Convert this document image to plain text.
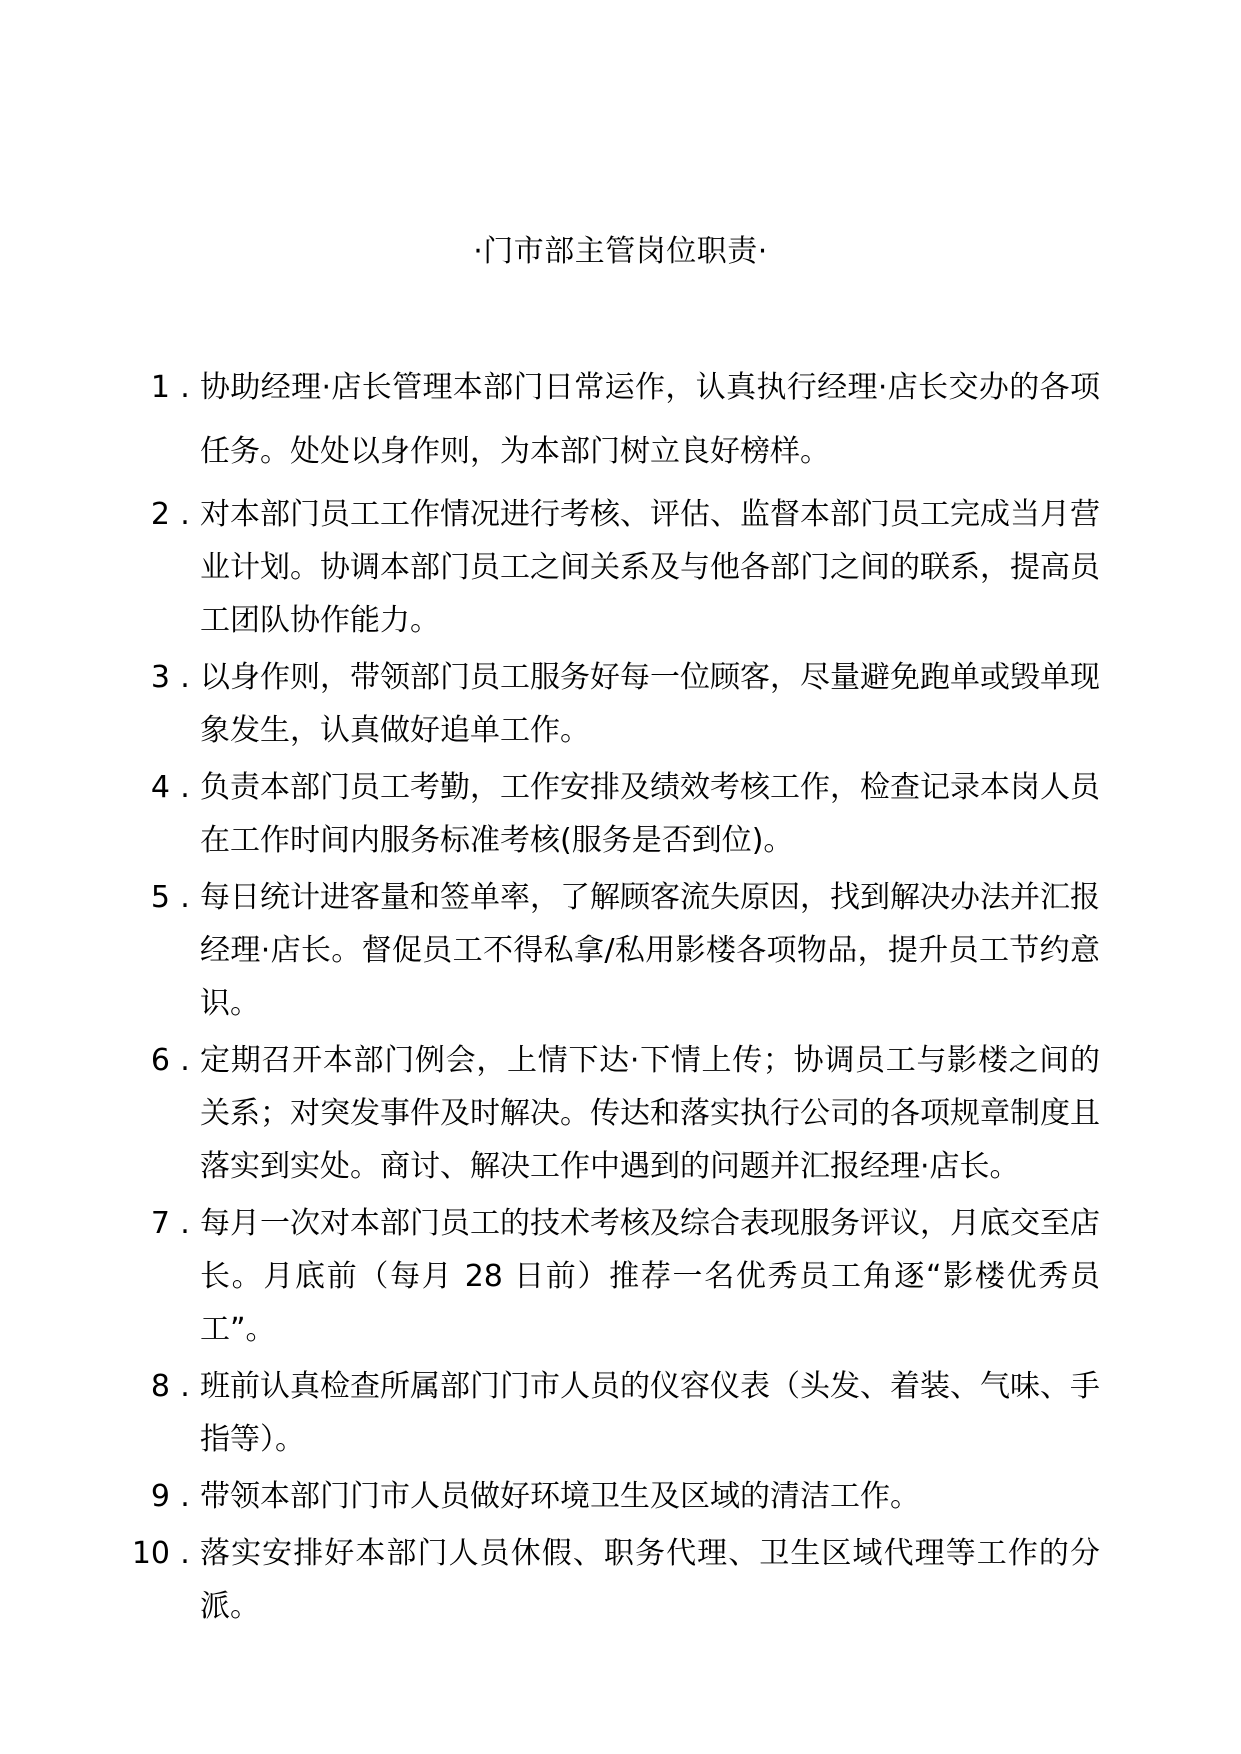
·门市部主管岗位职责·
1 . 协助经理·店长管理本部门日常运作，认真执行经理·店长交办的各项任务。处处以身作则，为本部门树立良好榜样。
2 . 对本部门员工工作情况进行考核、评估、监督本部门员工完成当月营业计划。协调本部门员工之间关系及与他各部门之间的联系，提高员工团队协作能力。
3 . 以身作则，带领部门员工服务好每一位顾客，尽量避免跑单或毁单现象发生，认真做好追单工作。
4 . 负责本部门员工考勤，工作安排及绩效考核工作，检查记录本岗人员在工作时间内服务标准考核(服务是否到位)。
5 . 每日统计进客量和签单率，了解顾客流失原因，找到解决办法并汇报经理·店长。督促员工不得私拿/私用影楼各项物品，提升员工节约意识。
6 . 定期召开本部门例会，上情下达·下情上传；协调员工与影楼之间的关系；对突发事件及时解决。传达和落实执行公司的各项规章制度且落实到实处。商讨、解决工作中遇到的问题并汇报经理·店长。
7 . 每月一次对本部门员工的技术考核及综合表现服务评议，月底交至店长。月底前（每月 28 日前）推荐一名优秀员工角逐“影楼优秀员工”。
8 . 班前认真检查所属部门门市人员的仪容仪表（头发、着装、气味、手指等）。
9 . 带领本部门门市人员做好环境卫生及区域的清洁工作。
10 . 落实安排好本部门人员休假、职务代理、卫生区域代理等工作的分派。
